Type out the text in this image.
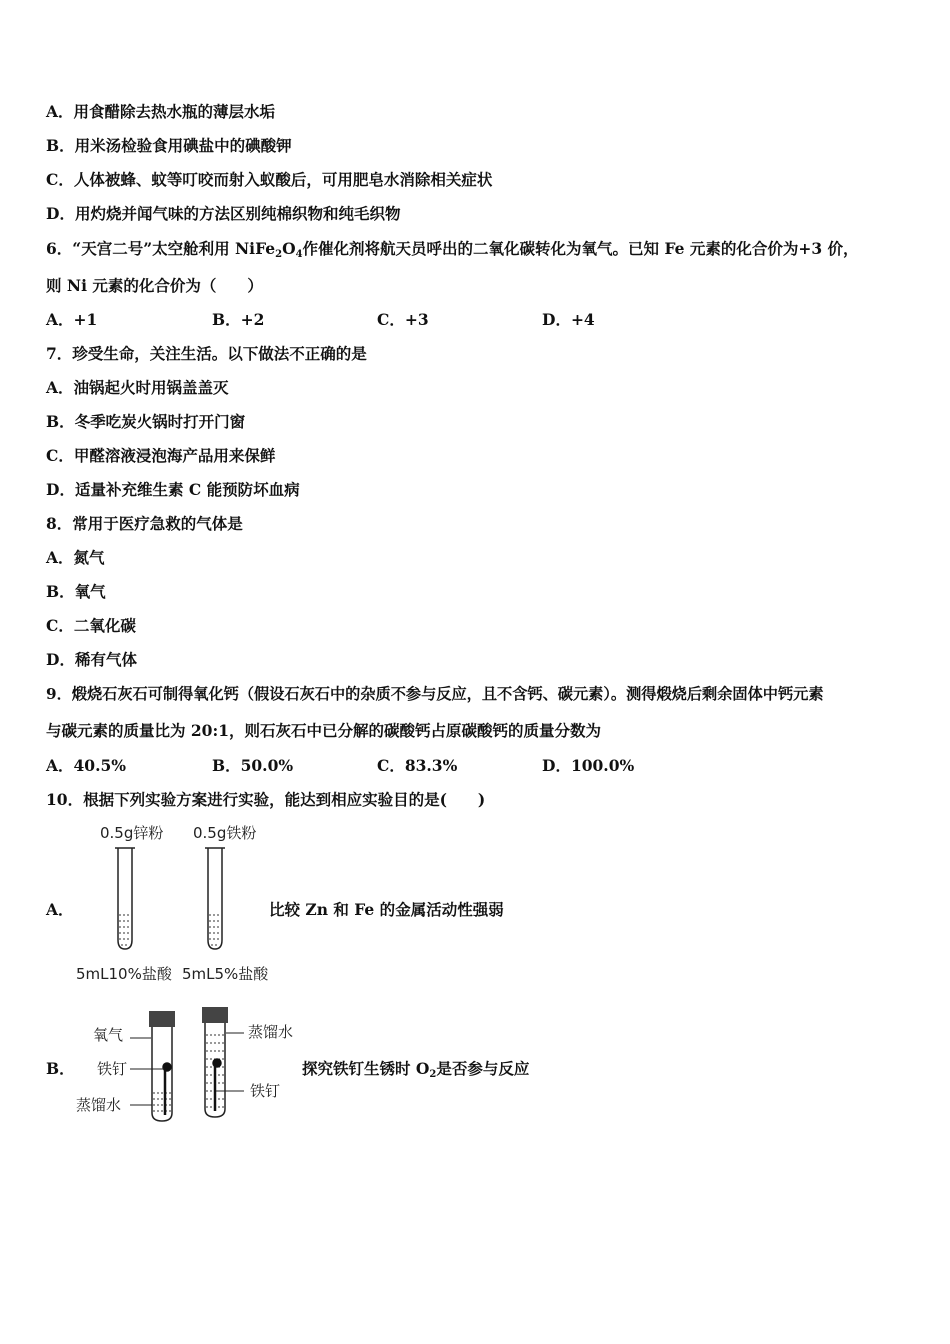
A．用食醋除去热水瓶的薄层水垢
B．用米汤检验食用碘盐中的碘酸钾
C．人体被蜂、蚊等叮咬而射入蚁酸后，可用肥皂水消除相关症状
D．用灼烧并闻气味的方法区别纯棉织物和纯毛织物
6．“天宫二号”太空舱利用 $NiFe_2O_4$作催化剂将航天员呼出的二氧化碳转化为氧气。已知 Fe 元素的化合价为+3 价，
则 Ni 元素的化合价为（　　）
A．+1	B．+2	C．+3	D．+4
7．珍受生命，关注生活。以下做法不正确的是
A．油锅起火时用锅盖盖灭
B．冬季吃炭火锅时打开门窗
C．甲醛溶液浸泡海产品用来保鲜
D．适量补充维生素 C 能预防坏血病
8．常用于医疗急救的气体是
A．氮气
B．氧气
C．二氧化碳
D．稀有气体
9．煅烧石灰石可制得氧化钙（假设石灰石中的杂质不参与反应，且不含钙、碳元素）。测得煅烧后剩余固体中钙元素
与碳元素的质量比为 20:1，则石灰石中已分解的碳酸钙占原碳酸钙的质量分数为
A．40.5%	B．50.0%	C．83.3%	D．100.0%
10．根据下列实验方案进行实验，能达到相应实验目的是(　　)
A．
0.5g锌粉 0.5g铁粉
5mL10%盐酸 5mL5%盐酸
比较 Zn 和 Fe 的金属活动性强弱
B．
氧气
铁钉
蒸馏水
蒸馏水
铁钉
探究铁钉生锈时 $O_2$是否参与反应
